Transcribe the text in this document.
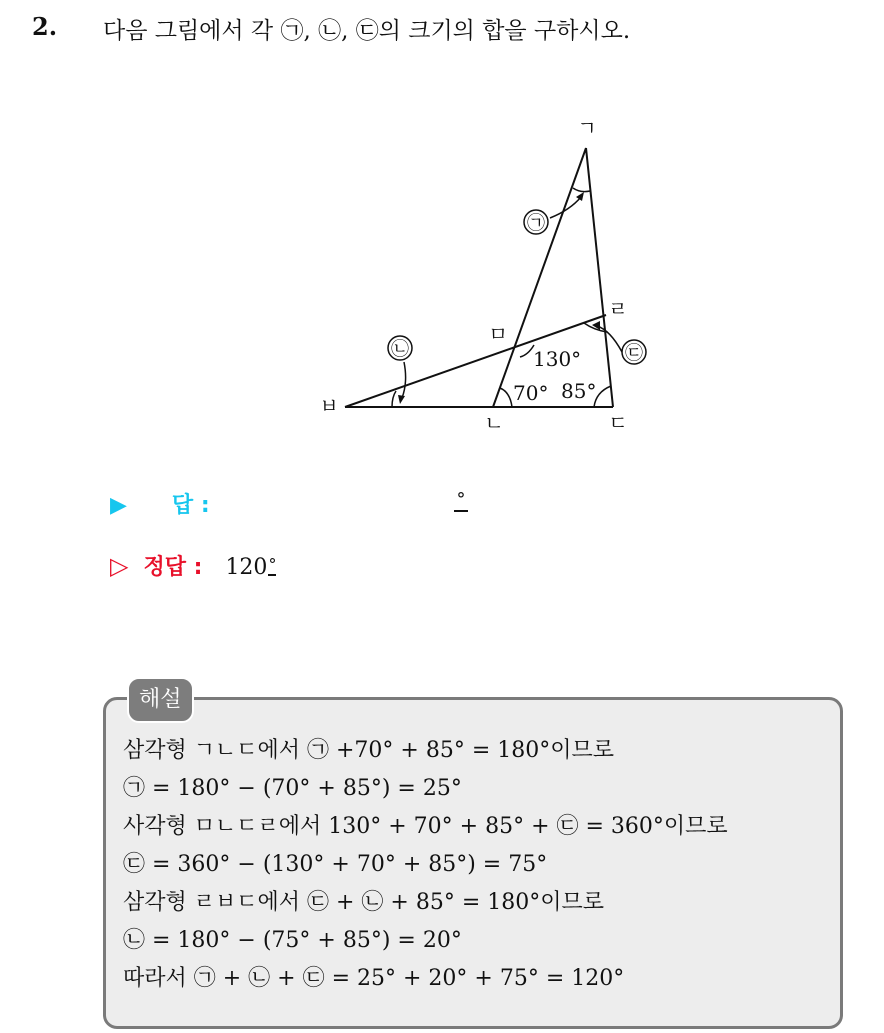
2. 다음 그림에서 각 ㉠, ㉡, ㉢의 크기의 합을 구하시오.
㉠
㉡	㉢
ㄱ
ㄴ	ㄷ
ㄹ
ㅁ
ㅂ
130°
70° 85°
▶ 답 :	°
▷ 정답 : 120°
해설
삼각형 ㄱㄴㄷ에서 ㉠ +70° + 85° = 180°이므로
㉠ = 180° − (70° + 85°) = 25°
사각형 ㅁㄴㄷㄹ에서 130° + 70° + 85° + ㉢ = 360°이므로
㉢ = 360° − (130° + 70° + 85°) = 75°
삼각형 ㄹㅂㄷ에서 ㉢ + ㉡ + 85° = 180°이므로
㉡ = 180° − (75° + 85°) = 20°
따라서 ㉠ + ㉡ + ㉢ = 25° + 20° + 75° = 120°
